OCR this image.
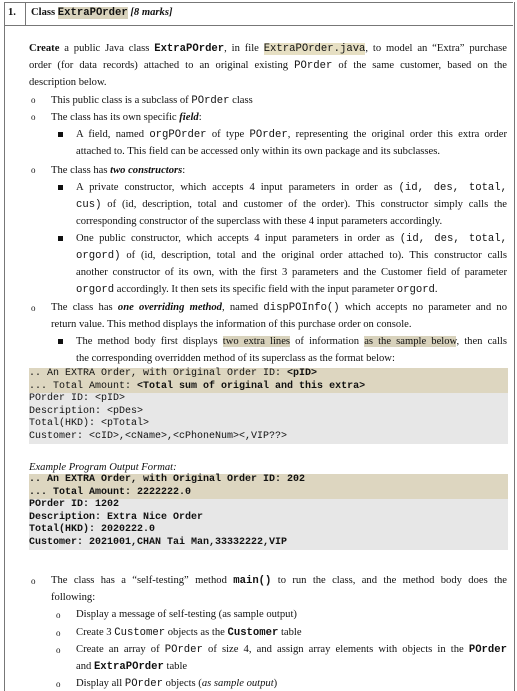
1. Class ExtraPOrder [8 marks]
Create a public Java class ExtraPOrder, in file ExtraPOrder.java, to model an “Extra” purchase
order (for data records) attached to an original existing POrder of the same customer, based on the
description below.
o This public class is a subclass of POrder class
o The class has its own specific field:
A field, named orgPOrder of type POrder, representing the original order this extra order
attached to. This field can be accessed only within its own package and its subclasses.
o The class has two constructors:
A private constructor, which accepts 4 input parameters in order as (id, des, total,
cus) of (id, description, total and customer of the order). This constructor simply calls the
corresponding constructor of the superclass with these 4 input parameters accordingly.
One public constructor, which accepts 4 input parameters in order as (id, des, total,
orgord) of (id, description, total and the original order attached to). This constructor calls
another constructor of its own, with the first 3 parameters and the Customer field of parameter
orgord accordingly. It then sets its specific field with the input parameter orgord.
o The class has one overriding method, named dispPOInfo() which accepts no parameter and no
return value. This method displays the information of this purchase order on console.
The method body first displays two extra lines of information as the sample below, then calls
the corresponding overridden method of its superclass as the format below:
.. An EXTRA Order, with Original Order ID: <pID>
... Total Amount: <Total sum of original and this extra>
POrder ID: <pID>
Description: <pDes>
Total(HKD): <pTotal>
Customer: <cID>,<cName>,<cPhoneNum><,VIP??>
Example Program Output Format:
.. An EXTRA Order, with Original Order ID: 202
... Total Amount: 2222222.0
POrder ID: 1202
Description: Extra Nice Order
Total(HKD): 2020222.0
Customer: 2021001,CHAN Tai Man,33332222,VIP
o The class has a “self-testing” method main() to run the class, and the method body does the
following:
o Display a message of self-testing (as sample output)
o Create 3 Customer objects as the Customer table
o Create an array of POrder of size 4, and assign array elements with objects in the POrder
and ExtraPOrder table
o Display all POrder objects (as sample output)
